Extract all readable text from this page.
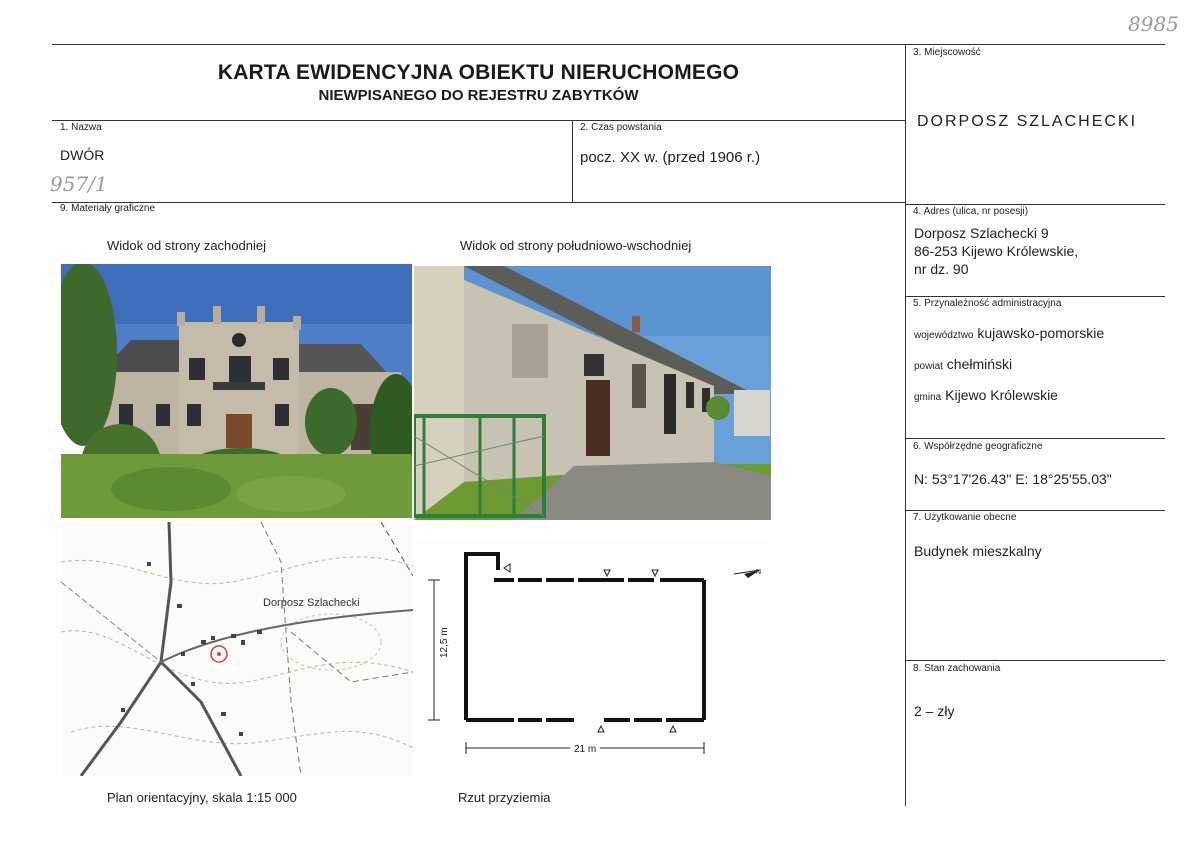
8985
957/1
KARTA EWIDENCYJNA OBIEKTU NIERUCHOMEGO
NIEWPISANEGO DO REJESTRU ZABYTKÓW
1. Nazwa
DWÓR
2. Czas powstania
pocz. XX w. (przed 1906 r.)
3. Miejscowość
DORPOSZ SZLACHECKI
4. Adres (ulica, nr posesji)
Dorposz Szlachecki 9
86-253 Kijewo Królewskie,
nr dz. 90
5. Przynależność administracyjna
województwo kujawsko-pomorskie
powiat chełmiński
gmina Kijewo Królewskie
6. Współrzędne geograficzne
N: 53°17'26.43" E: 18°25'55.03"
7. Użytkowanie obecne
Budynek mieszkalny
8. Stan zachowania
2 – zły
9. Materiały graficzne
Widok od strony zachodniej	Widok od strony południowo-wschodniej
Plan orientacyjny, skala 1:15 000	Rzut przyziemia
Dorposz Szlachecki
12,5 m
21 m
N
